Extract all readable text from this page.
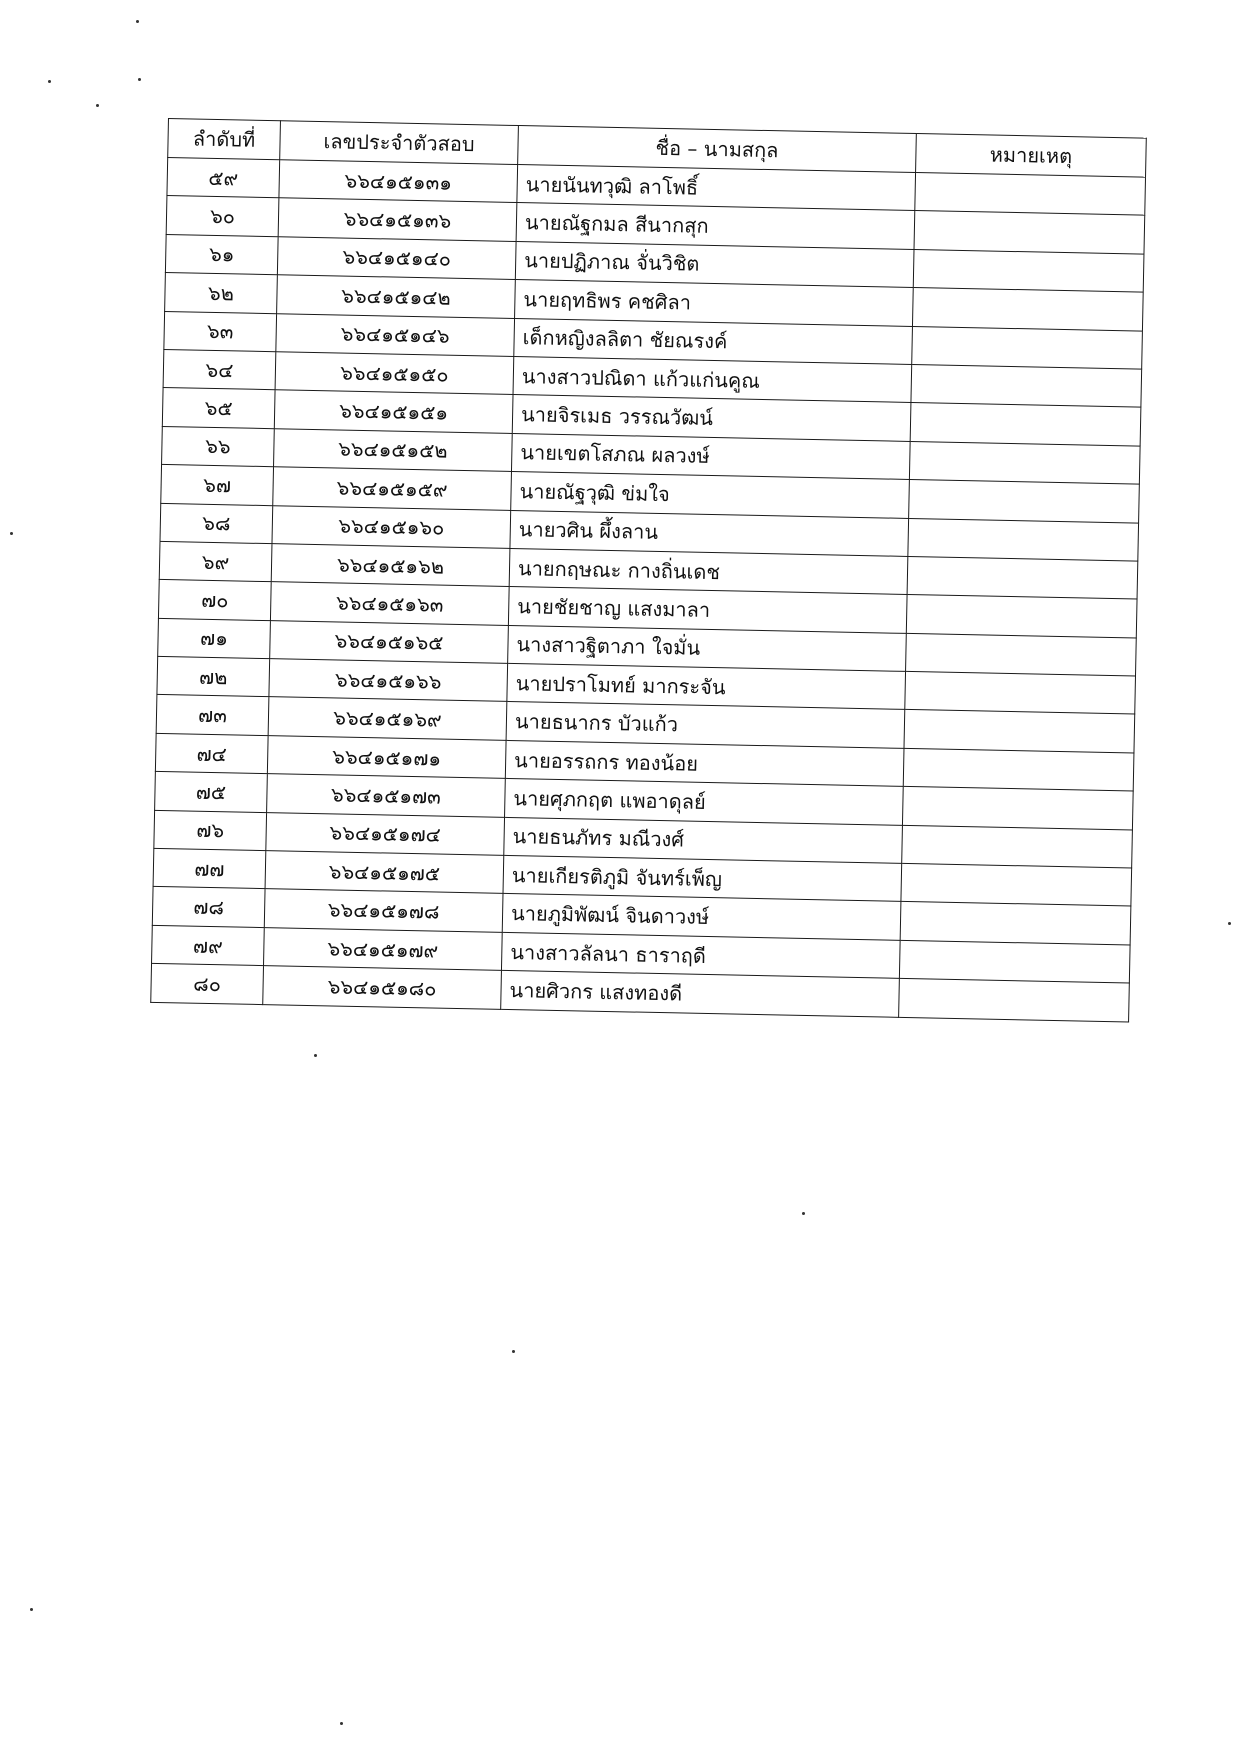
ลำดับที่	เลขประจำตัวสอบ	ชื่อ – นามสกุล	หมายเหตุ
๕๙	๖๖๔๑๕๑๓๑	นายนันทวุฒิ ลาโพธิ์	
๖๐	๖๖๔๑๕๑๓๖	นายณัฐกมล สีนากสุก	
๖๑	๖๖๔๑๕๑๔๐	นายปฏิภาณ จั่นวิชิต	
๖๒	๖๖๔๑๕๑๔๒	นายฤทธิพร คชศิลา	
๖๓	๖๖๔๑๕๑๔๖	เด็กหญิงลลิตา ชัยณรงค์	
๖๔	๖๖๔๑๕๑๕๐	นางสาวปณิดา แก้วแก่นคูณ	
๖๕	๖๖๔๑๕๑๕๑	นายจิรเมธ วรรณวัฒน์	
๖๖	๖๖๔๑๕๑๕๒	นายเขตโสภณ ผลวงษ์	
๖๗	๖๖๔๑๕๑๕๙	นายณัฐวุฒิ ข่มใจ	
๖๘	๖๖๔๑๕๑๖๐	นายวศิน ผึ้งลาน	
๖๙	๖๖๔๑๕๑๖๒	นายกฤษณะ กางถิ่นเดช	
๗๐	๖๖๔๑๕๑๖๓	นายชัยชาญ แสงมาลา	
๗๑	๖๖๔๑๕๑๖๕	นางสาวฐิตาภา ใจมั่น	
๗๒	๖๖๔๑๕๑๖๖	นายปราโมทย์ มากระจัน	
๗๓	๖๖๔๑๕๑๖๙	นายธนากร บัวแก้ว	
๗๔	๖๖๔๑๕๑๗๑	นายอรรถกร ทองน้อย	
๗๕	๖๖๔๑๕๑๗๓	นายศุภกฤต แพอาดุลย์	
๗๖	๖๖๔๑๕๑๗๔	นายธนภัทร มณีวงศ์	
๗๗	๖๖๔๑๕๑๗๕	นายเกียรติภูมิ จันทร์เพ็ญ	
๗๘	๖๖๔๑๕๑๗๘	นายภูมิพัฒน์ จินดาวงษ์	
๗๙	๖๖๔๑๕๑๗๙	นางสาวลัลนา ธาราฤดี	
๘๐	๖๖๔๑๕๑๘๐	นายศิวกร แสงทองดี	
